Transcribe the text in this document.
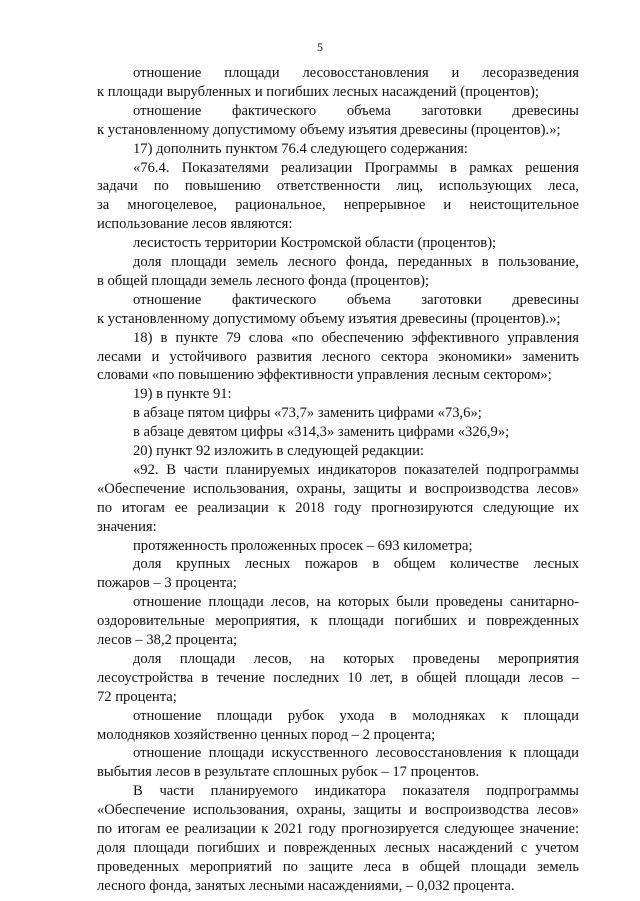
5
отношение площади лесовосстановления и лесоразведения
к площади вырубленных и погибших лесных насаждений (процентов);
отношение фактического объема заготовки древесины
к установленному допустимому объему изъятия древесины (процентов).»;
17) дополнить пунктом 76.4 следующего содержания:
«76.4. Показателями реализации Программы в рамках решения
задачи по повышению ответственности лиц, использующих леса,
за многоцелевое, рациональное, непрерывное и неистощительное
использование лесов являются:
лесистость территории Костромской области (процентов);
доля площади земель лесного фонда, переданных в пользование,
в общей площади земель лесного фонда (процентов);
отношение фактического объема заготовки древесины
к установленному допустимому объему изъятия древесины (процентов).»;
18) в пункте 79 слова «по обеспечению эффективного управления
лесами и устойчивого развития лесного сектора экономики» заменить
словами «по повышению эффективности управления лесным сектором»;
19) в пункте 91:
в абзаце пятом цифры «73,7» заменить цифрами «73,6»;
в абзаце девятом цифры «314,3» заменить цифрами «326,9»;
20) пункт 92 изложить в следующей редакции:
«92. В части планируемых индикаторов показателей подпрограммы
«Обеспечение использования, охраны, защиты и воспроизводства лесов»
по итогам ее реализации к 2018 году прогнозируются следующие их
значения:
протяженность проложенных просек – 693 километра;
доля крупных лесных пожаров в общем количестве лесных
пожаров – 3 процента;
отношение площади лесов, на которых были проведены санитарно-
оздоровительные мероприятия, к площади погибших и поврежденных
лесов – 38,2 процента;
доля площади лесов, на которых проведены мероприятия
лесоустройства в течение последних 10 лет, в общей площади лесов –
72 процента;
отношение площади рубок ухода в молодняках к площади
молодняков хозяйственно ценных пород – 2 процента;
отношение площади искусственного лесовосстановления к площади
выбытия лесов в результате сплошных рубок – 17 процентов.
В части планируемого индикатора показателя подпрограммы
«Обеспечение использования, охраны, защиты и воспроизводства лесов»
по итогам ее реализации к 2021 году прогнозируется следующее значение:
доля площади погибших и поврежденных лесных насаждений с учетом
проведенных мероприятий по защите леса в общей площади земель
лесного фонда, занятых лесными насаждениями, – 0,032 процента.
